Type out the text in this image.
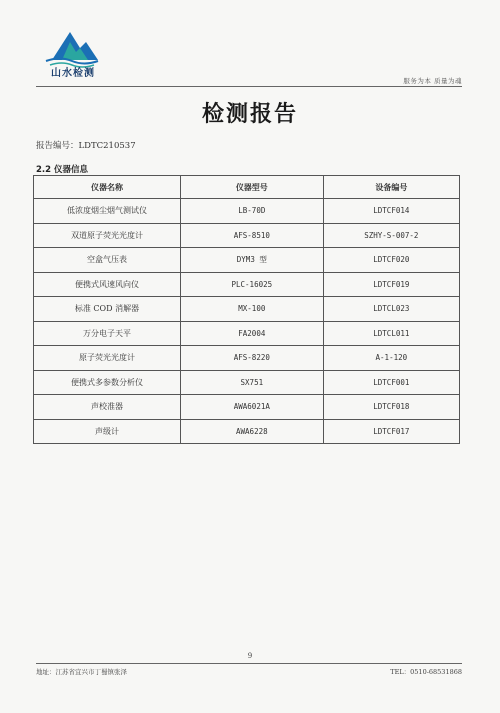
山水检测
服务为本 质量为魂
检测报告
报告编号：LDTC210537
2.2 仪器信息
仪器名称	仪器型号	设备编号
低浓度烟尘烟气测试仪	LB-70D	LDTCF014
双道原子荧光光度计	AFS-8510	SZHY-S-007-2
空盒气压表	DYM3 型	LDTCF020
便携式风速风向仪	PLC-16025	LDTCF019
标准 COD 消解器	MX-100	LDTCL023
万分电子天平	FA2004	LDTCL011
原子荧光光度计	AFS-8220	A-1-120
便携式多参数分析仪	SX751	LDTCF001
声校准器	AWA6021A	LDTCF018
声级计	AWA6228	LDTCF017
9
地址：江苏省宜兴市丁蜀镇张泽	TEL：0510-68531868
